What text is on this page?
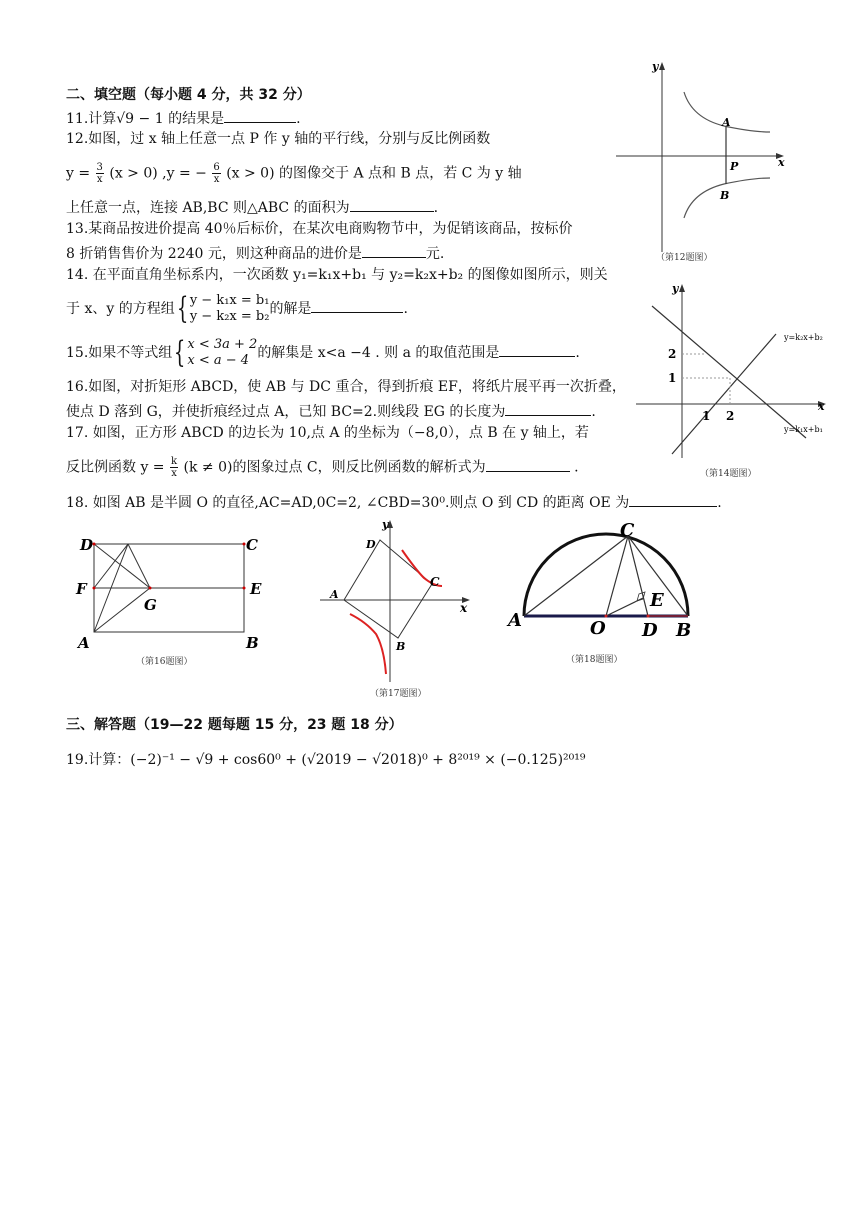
二、填空题（每小题 4 分，共 32 分）
11.计算√9 − 1 的结果是	.
12.如图，过 x 轴上任意一点 P 作 y 轴的平行线，分别与反比例函数
$y = \frac{3}{x} (x > 0) ,y$ = − $\frac{6}{x} (x > 0)$ 的图像交于 A 点和 B 点，若 C 为 y 轴
上任意一点，连接 AB,BC 则△ABC 的面积为	.
13.某商品按进价提高 40％后标价，在某次电商购物节中，为促销该商品，按标价
8 折销售售价为 2240 元，则这种商品的进价是	元.
14. 在平面直角坐标系内，一次函数 y₁=k₁x+b₁ 与 y₂=k₂x+b₂ 的图像如图所示，则关
于 x、y 的方程组{ y − k₁x = b₁
y − k₂x = b₂ 的解是	.
15.如果不等式组{ x < 3a + 2
x < a − 4 的解集是 x<a −4 . 则 a 的取值范围是	.
16.如图，对折矩形 ABCD，使 AB 与 DC 重合，得到折痕 EF，将纸片展平再一次折叠，
使点 D 落到 G，并使折痕经过点 A，已知 BC=2.则线段 EG 的长度为	.
17. 如图，正方形 ABCD 的边长为 10,点 A 的坐标为（−8,0），点 B 在 y 轴上，若
反比例函数 $y = \frac{k}{x} (k \ne 0)$的图象过点 C，则反比例函数的解析式为	.
18. 如图 AB 是半圆 O 的直径,AC=AD,0C=2, ∠CBD=30⁰.则点 O 到 CD 的距离 OE 为	.
三、解答题（19—22 题每题 15 分，23 题 18 分）
19.计算：(−2)⁻¹ − √9 + cos60⁰ + (√2019 − √2018)⁰ + 8²⁰¹⁹ × (−0.125)²⁰¹⁹
A
P
B
y
x
（第12题图）
2
1
1 2
y
x
y=k₂x+b₂
y=k₁x+b₁
（第14题图）
D	C
F	E
G
A	B
（第16题图）
y
x
D
A
C
B
（第17题图）
C
E
A	O D B
（第18题图）
